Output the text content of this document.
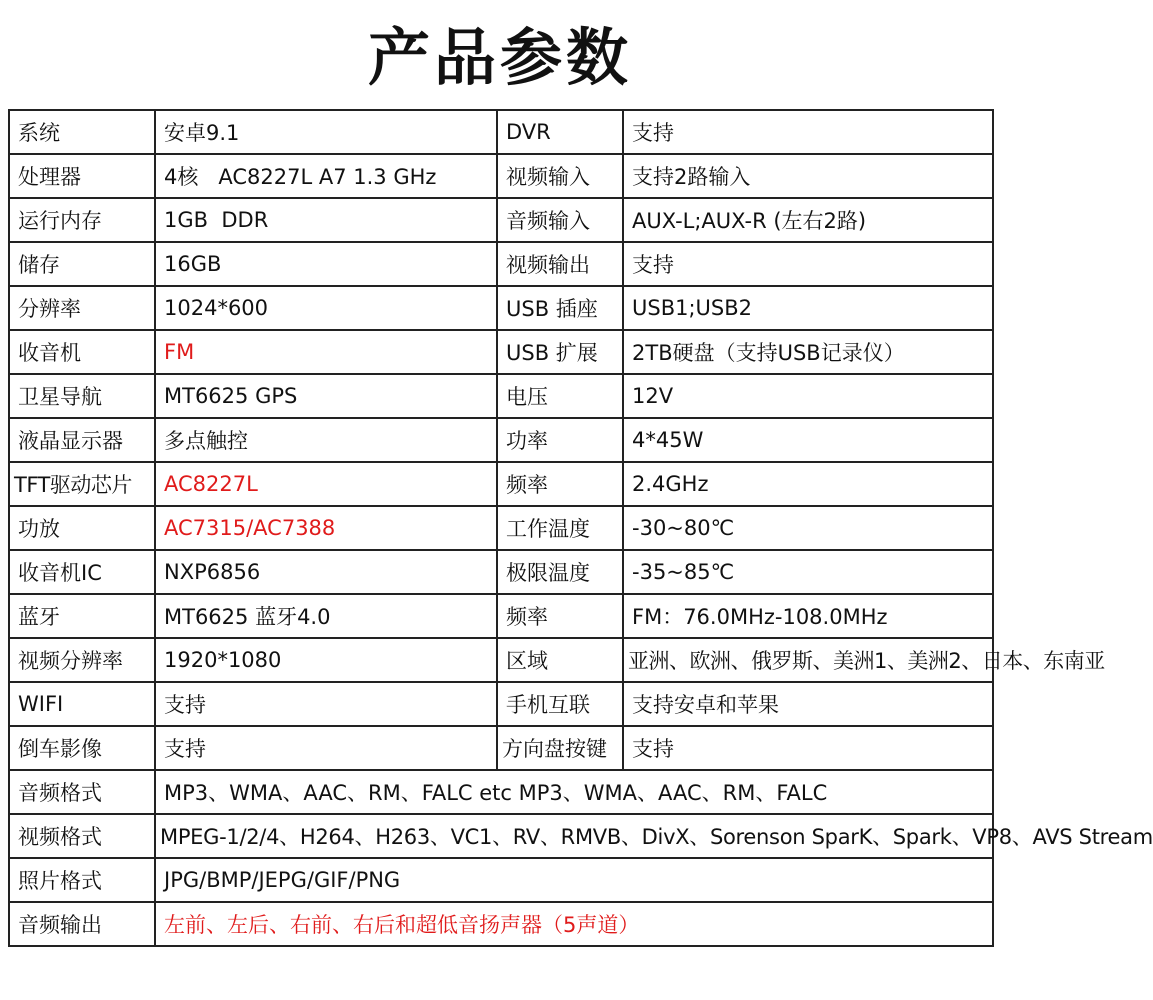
产品参数
系统	安卓9.1	DVR	支持
处理器	4核   AC8227L A7 1.3 GHz	视频输入	支持2路输入
运行内存	1GB  DDR	音频输入	AUX-L;AUX-R (左右2路)
储存	16GB	视频输出	支持
分辨率	1024*600	USB 插座	USB1;USB2
收音机	FM	USB 扩展	2TB硬盘（支持USB记录仪）
卫星导航	MT6625 GPS	电压	12V
液晶显示器	多点触控	功率	4*45W
TFT驱动芯片	AC8227L	频率	2.4GHz
功放	AC7315/AC7388	工作温度	-30~80℃
收音机IC	NXP6856	极限温度	-35~85℃
蓝牙	MT6625 蓝牙4.0	频率	FM：76.0MHz-108.0MHz
视频分辨率	1920*1080	区域	亚洲、欧洲、俄罗斯、美洲1、美洲2、日本、东南亚
WIFI	支持	手机互联	支持安卓和苹果
倒车影像	支持	方向盘按键	支持
音频格式	MP3、WMA、AAC、RM、FALC etc MP3、WMA、AAC、RM、FALC		
视频格式	MPEG-1/2/4、H264、H263、VC1、RV、RMVB、DivX、Sorenson SparK、Spark、VP8、AVS Stream		
照片格式	JPG/BMP/JEPG/GIF/PNG		
音频输出	左前、左后、右前、右后和超低音扬声器（5声道）		
